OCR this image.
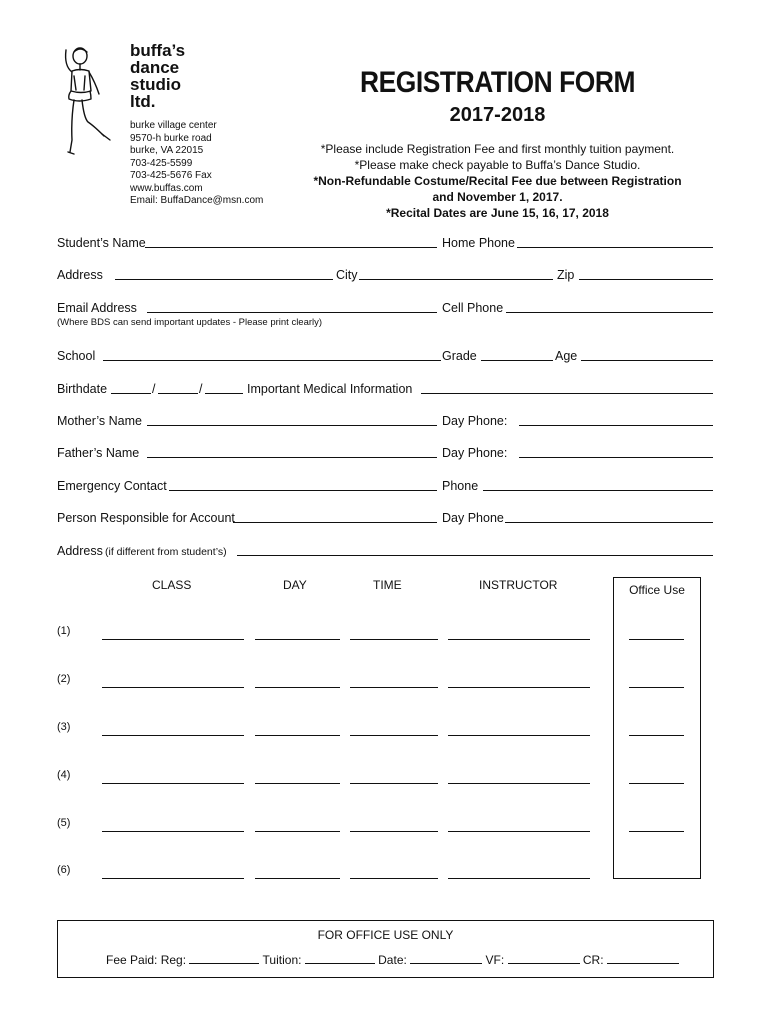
buffa’s
dance
studio
ltd.
burke village center
9570-h burke road
burke, VA 22015
703-425-5599
703-425-5676 Fax
www.buffas.com
Email: BuffaDance@msn.com
REGISTRATION FORM
2017-2018
*Please include Registration Fee and first monthly tuition payment.
*Please make check payable to Buffa’s Dance Studio.
*Non-Refundable Costume/Recital Fee due between Registration
and November 1, 2017.
*Recital Dates are June 15, 16, 17, 2018
Student’s Name	Home Phone
Address	City	Zip
Email Address	Cell Phone
(Where BDS can send important updates - Please print clearly)
School	Grade	Age
Birthdate	/	/	Important Medical Information
Mother’s Name	Day Phone:
Father’s Name	Day Phone:
Emergency Contact	Phone
Person Responsible for Account	Day Phone
Address (if different from student’s)
CLASS	DAY	TIME	INSTRUCTOR	Office Use
(1)
(2)
(3)
(4)
(5)
(6)
FOR OFFICE USE ONLY
Fee Paid: Reg:	Tuition:	Date:	VF:	CR:
